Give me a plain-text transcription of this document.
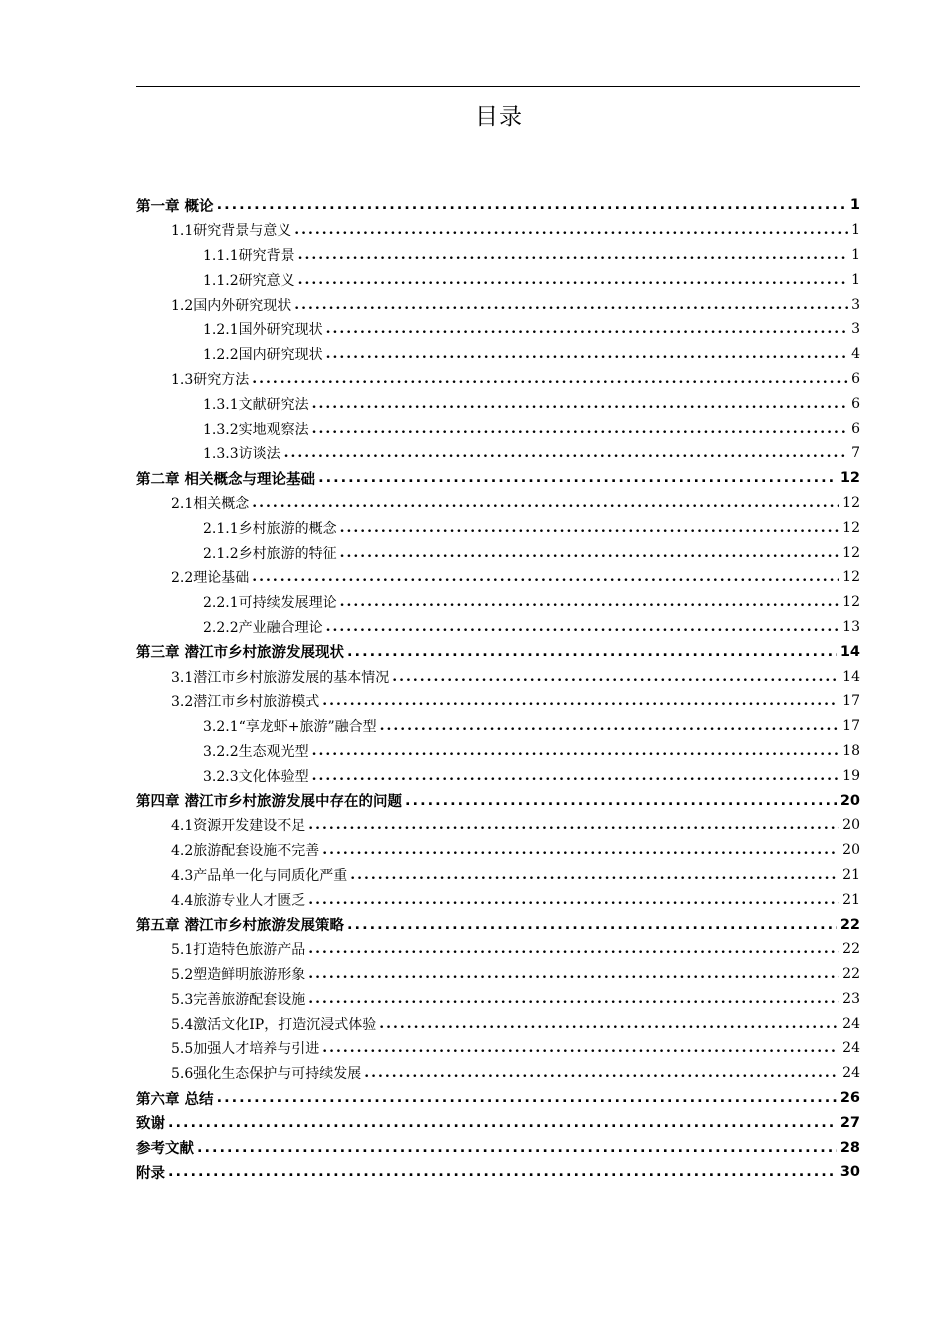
目录
第一章 概论 .....	1
1.1研究背景与意义 .....	1
1.1.1研究背景 .....	1
1.1.2研究意义 .....	1
1.2国内外研究现状 .....	3
1.2.1国外研究现状 .....	3
1.2.2国内研究现状 .....	4
1.3研究方法 .....	6
1.3.1文献研究法 .....	6
1.3.2实地观察法 .....	6
1.3.3访谈法 .....	7
第二章 相关概念与理论基础 .....	12
2.1相关概念 .....	12
2.1.1乡村旅游的概念 .....	12
2.1.2乡村旅游的特征 .....	12
2.2理论基础 .....	12
2.2.1可持续发展理论 .....	12
2.2.2产业融合理论 .....	13
第三章 潜江市乡村旅游发展现状 .....	14
3.1潜江市乡村旅游发展的基本情况 .....	14
3.2潜江市乡村旅游模式 .....	17
3.2.1“享龙虾+旅游”融合型 .....	17
3.2.2生态观光型 .....	18
3.2.3文化体验型 .....	19
第四章 潜江市乡村旅游发展中存在的问题 .....	20
4.1资源开发建设不足 .....	20
4.2旅游配套设施不完善 .....	20
4.3产品单一化与同质化严重 .....	21
4.4旅游专业人才匮乏 .....	21
第五章 潜江市乡村旅游发展策略 .....	22
5.1打造特色旅游产品 .....	22
5.2塑造鲜明旅游形象 .....	22
5.3完善旅游配套设施 .....	23
5.4激活文化IP，打造沉浸式体验 .....	24
5.5加强人才培养与引进 .....	24
5.6强化生态保护与可持续发展 .....	24
第六章 总结 .....	26
致谢 .....	27
参考文献 .....	28
附录 .....	30
